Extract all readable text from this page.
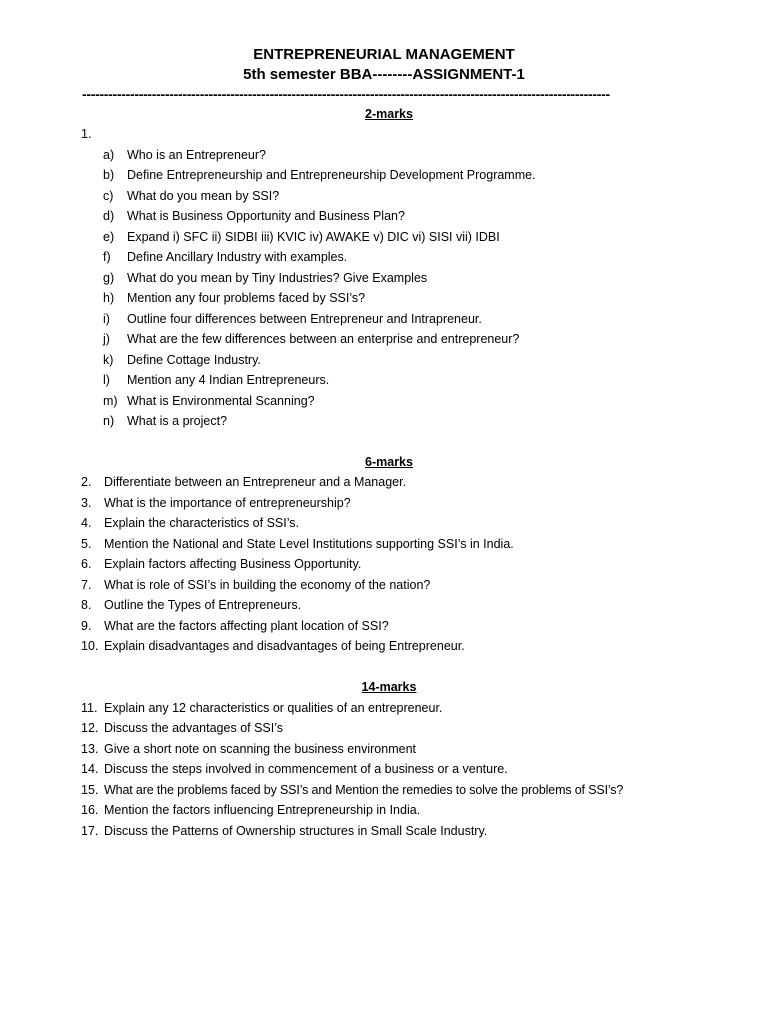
ENTREPRENEURIAL MANAGEMENT
5th semester BBA--------ASSIGNMENT-1
-------------------------------------------------------------------------------------------------------------------------
2-marks
1.
a) Who is an Entrepreneur?
b) Define Entrepreneurship and Entrepreneurship Development Programme.
c) What do you mean by SSI?
d) What is Business Opportunity and Business Plan?
e) Expand i) SFC ii) SIDBI iii) KVIC iv) AWAKE v) DIC vi) SISI vii) IDBI
f) Define Ancillary Industry with examples.
g) What do you mean by Tiny Industries? Give Examples
h) Mention any four problems faced by SSI’s?
i) Outline four differences between Entrepreneur and Intrapreneur.
j) What are the few differences between an enterprise and entrepreneur?
k) Define Cottage Industry.
l) Mention any 4 Indian Entrepreneurs.
m) What is Environmental Scanning?
n) What is a project?
6-marks
2. Differentiate between an Entrepreneur and a Manager.
3. What is the importance of entrepreneurship?
4. Explain the characteristics of SSI’s.
5. Mention the National and State Level Institutions supporting SSI’s in India.
6. Explain factors affecting Business Opportunity.
7. What is role of SSI’s in building the economy of the nation?
8. Outline the Types of Entrepreneurs.
9. What are the factors affecting plant location of SSI?
10. Explain disadvantages and disadvantages of being Entrepreneur.
14-marks
11. Explain any 12 characteristics or qualities of an entrepreneur.
12. Discuss the advantages of SSI’s
13. Give a short note on scanning the business environment
14. Discuss the steps involved in commencement of a business or a venture.
15. What are the problems faced by SSI’s and Mention the remedies to solve the problems of SSI’s?
16. Mention the factors influencing Entrepreneurship in India.
17. Discuss the Patterns of Ownership structures in Small Scale Industry.
